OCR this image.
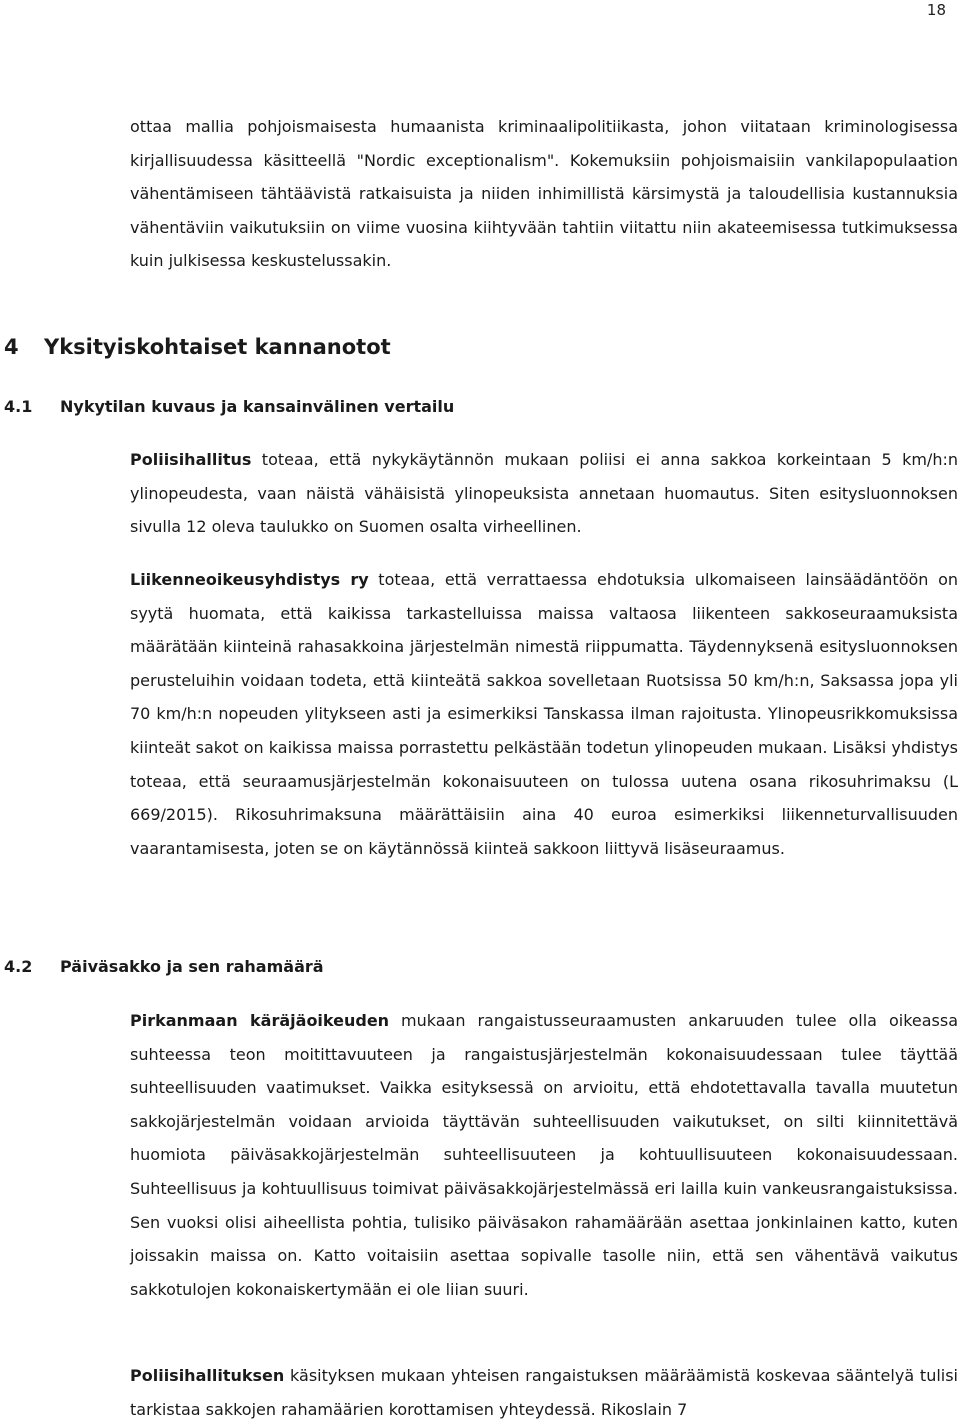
18

ottaa mallia pohjoismaisesta humaanista kriminaalipolitiikasta, johon viitataan kriminologisessa kirjallisuudessa käsitteellä "Nordic exceptionalism". Kokemuksiin pohjoismaisiin vankilapopulaation vähentämiseen tähtäävistä ratkaisuista ja niiden inhimillistä kärsimystä ja taloudellisia kustannuksia vähentäviin vaikutuksiin on viime vuosina kiihtyvään tahtiin viitattu niin akateemisessa tutkimuksessa kuin julkisessa keskustelussakin.

4 Yksityiskohtaiset kannanotot
4.1 Nykytilan kuvaus ja kansainvälinen vertailu

Poliisihallitus toteaa, että nykykäytännön mukaan poliisi ei anna sakkoa korkeintaan 5 km/h:n ylinopeudesta, vaan näistä vähäisistä ylinopeuksista annetaan huomautus. Siten esitysluonnoksen sivulla 12 oleva taulukko on Suomen osalta virheellinen.

Liikenneoikeusyhdistys ry toteaa, että verrattaessa ehdotuksia ulkomaiseen lainsäädäntöön on syytä huomata, että kaikissa tarkastelluissa maissa valtaosa liikenteen sakkoseuraamuksista määrätään kiinteinä rahasakkoina järjestelmän nimestä riippumatta. Täydennyksenä esitysluonnoksen perusteluihin voidaan todeta, että kiinteätä sakkoa sovelletaan Ruotsissa 50 km/h:n, Saksassa jopa yli 70 km/h:n nopeuden ylitykseen asti ja esimerkiksi Tanskassa ilman rajoitusta. Ylinopeusrikkomuksissa kiinteät sakot on kaikissa maissa porrastettu pelkästään todetun ylinopeuden mukaan. Lisäksi yhdistys toteaa, että seuraamusjärjestelmän kokonaisuuteen on tulossa uutena osana rikosuhrimaksu (L 669/2015). Rikosuhrimaksuna määrättäisiin aina 40 euroa esimerkiksi liikenneturvallisuuden vaarantamisesta, joten se on käytännössä kiinteä sakkoon liittyvä lisäseuraamus.

4.2 Päiväsakko ja sen rahamäärä

Pirkanmaan käräjäoikeuden mukaan rangaistusseuraamusten ankaruuden tulee olla oikeassa suhteessa teon moitittavuuteen ja rangaistusjärjestelmän kokonaisuudessaan tulee täyttää suhteellisuuden vaatimukset. Vaikka esityksessä on arvioitu, että ehdotettavalla tavalla muutetun sakkojärjestelmän voidaan arvioida täyttävän suhteellisuuden vaikutukset, on silti kiinnitettävä huomiota päiväsakkojärjestelmän suhteellisuuteen ja kohtuullisuuteen kokonaisuudessaan. Suhteellisuus ja kohtuullisuus toimivat päiväsakkojärjestelmässä eri lailla kuin vankeusrangaistuksissa. Sen vuoksi olisi aiheellista pohtia, tulisiko päiväsakon rahamäärään asettaa jonkinlainen katto, kuten joissakin maissa on. Katto voitaisiin asettaa sopivalle tasolle niin, että sen vähentävä vaikutus sakkotulojen kokonaiskertymään ei ole liian suuri.

Poliisihallituksen käsityksen mukaan yhteisen rangaistuksen määräämistä koskevaa sääntelyä tulisi tarkistaa sakkojen rahamäärien korottamisen yhteydessä. Rikoslain 7
